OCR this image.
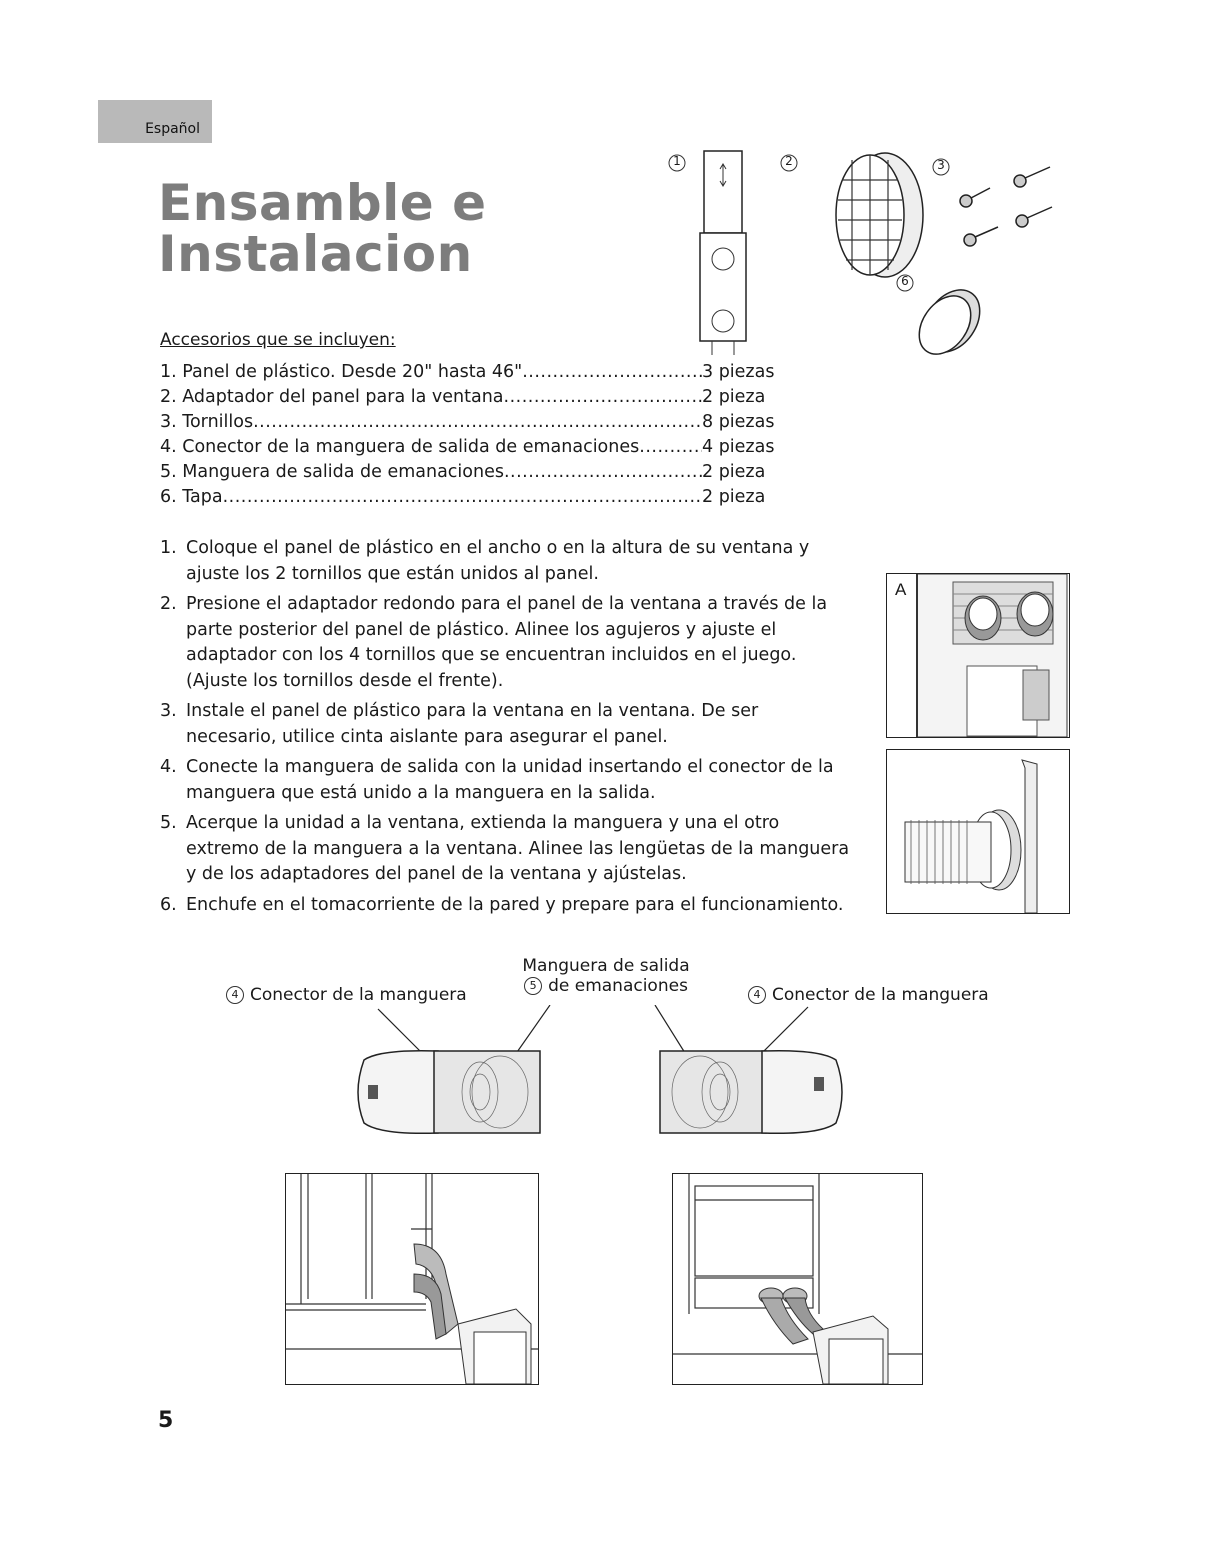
Español
Ensamble e
Instalacion
1	2	3
6
Accesorios que se incluyen:
1. Panel de plástico. Desde 20" hasta 46" .....	3 piezas
2. Adaptador del panel para la ventana .....	2 pieza
3. Tornillos .....	8 piezas
4. Conector de la manguera de salida de emanaciones .....	4 piezas
5. Manguera de salida de emanaciones .....	2 pieza
6. Tapa .....	2 pieza
1. Coloque el panel de plástico en el ancho o en la altura de su ventana y ajuste los 2 tornillos que están unidos al panel.
2. Presione el adaptador redondo para el panel de la ventana a través de la parte posterior del panel de plástico. Alinee los agujeros y ajuste el adaptador con los 4 tornillos que se encuentran incluidos en el juego. (Ajuste los tornillos desde el frente).
3. Instale el panel de plástico para la ventana en la ventana. De ser necesario, utilice cinta aislante para asegurar el panel.
4. Conecte la manguera de salida con la unidad insertando el conector de la manguera que está unido a la manguera en la salida.
5. Acerque la unidad a la ventana, extienda la manguera y una el otro extremo de la manguera a la ventana. Alinee las lengüetas de la manguera y de los adaptadores del panel de la ventana y ajústelas.
6. Enchufe en el tomacorriente de la pared y prepare para el funcionamiento.
A
4 Conector de la manguera
Manguera de salida
5 de emanaciones	4 Conector de la manguera
5
